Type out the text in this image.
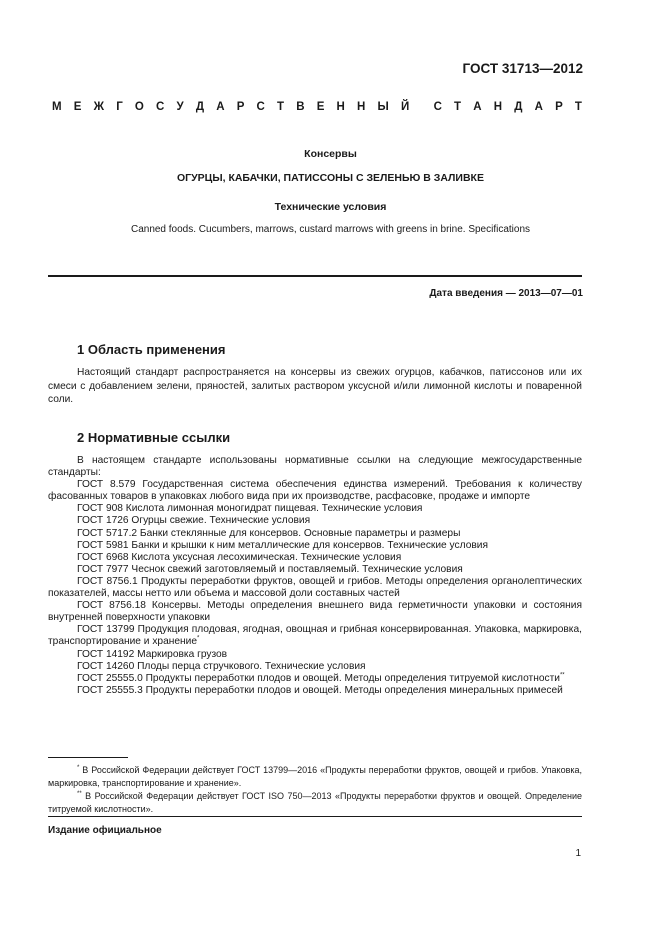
ГОСТ 31713—2012
М Е Ж Г О С У Д А Р С Т В Е Н Н Ы Й С Т А Н Д А Р Т
Консервы
ОГУРЦЫ, КАБАЧКИ, ПАТИССОНЫ С ЗЕЛЕНЬЮ В ЗАЛИВКЕ
Технические условия
Canned foods. Cucumbers, marrows, custard marrows with greens in brine. Specifications
Дата введения — 2013—07—01
1 Область применения

Настоящий стандарт распространяется на консервы из свежих огурцов, кабачков, патиссонов или их смеси с добавлением зелени, пряностей, залитых раствором уксусной и/или лимонной кислоты и поваренной соли.

2 Нормативные ссылки
В настоящем стандарте использованы нормативные ссылки на следующие межгосударственные стандарты:
ГОСТ 8.579 Государственная система обеспечения единства измерений. Требования к количеству фасованных товаров в упаковках любого вида при их производстве, расфасовке, продаже и импорте
ГОСТ 908 Кислота лимонная моногидрат пищевая. Технические условия
ГОСТ 1726 Огурцы свежие. Технические условия
ГОСТ 5717.2 Банки стеклянные для консервов. Основные параметры и размеры
ГОСТ 5981 Банки и крышки к ним металлические для консервов. Технические условия
ГОСТ 6968 Кислота уксусная лесохимическая. Технические условия
ГОСТ 7977 Чеснок свежий заготовляемый и поставляемый. Технические условия
ГОСТ 8756.1 Продукты переработки фруктов, овощей и грибов. Методы определения органолептических показателей, массы нетто или объема и массовой доли составных частей
ГОСТ 8756.18 Консервы. Методы определения внешнего вида герметичности упаковки и состояния внутренней поверхности упаковки
ГОСТ 13799 Продукция плодовая, ягодная, овощная и грибная консервированная. Упаковка, маркировка, транспортирование и хранение*
ГОСТ 14192 Маркировка грузов
ГОСТ 14260 Плоды перца стручкового. Технические условия
ГОСТ 25555.0 Продукты переработки плодов и овощей. Методы определения титруемой кислотности**
ГОСТ 25555.3 Продукты переработки плодов и овощей. Методы определения минеральных примесей

* В Российской Федерации действует ГОСТ 13799—2016 «Продукты переработки фруктов, овощей и грибов. Упаковка, маркировка, транспортирование и хранение».

** В Российской Федерации действует ГОСТ ISO 750—2013 «Продукты переработки фруктов и овощей. Определение титруемой кислотности».

Издание официальное
1
